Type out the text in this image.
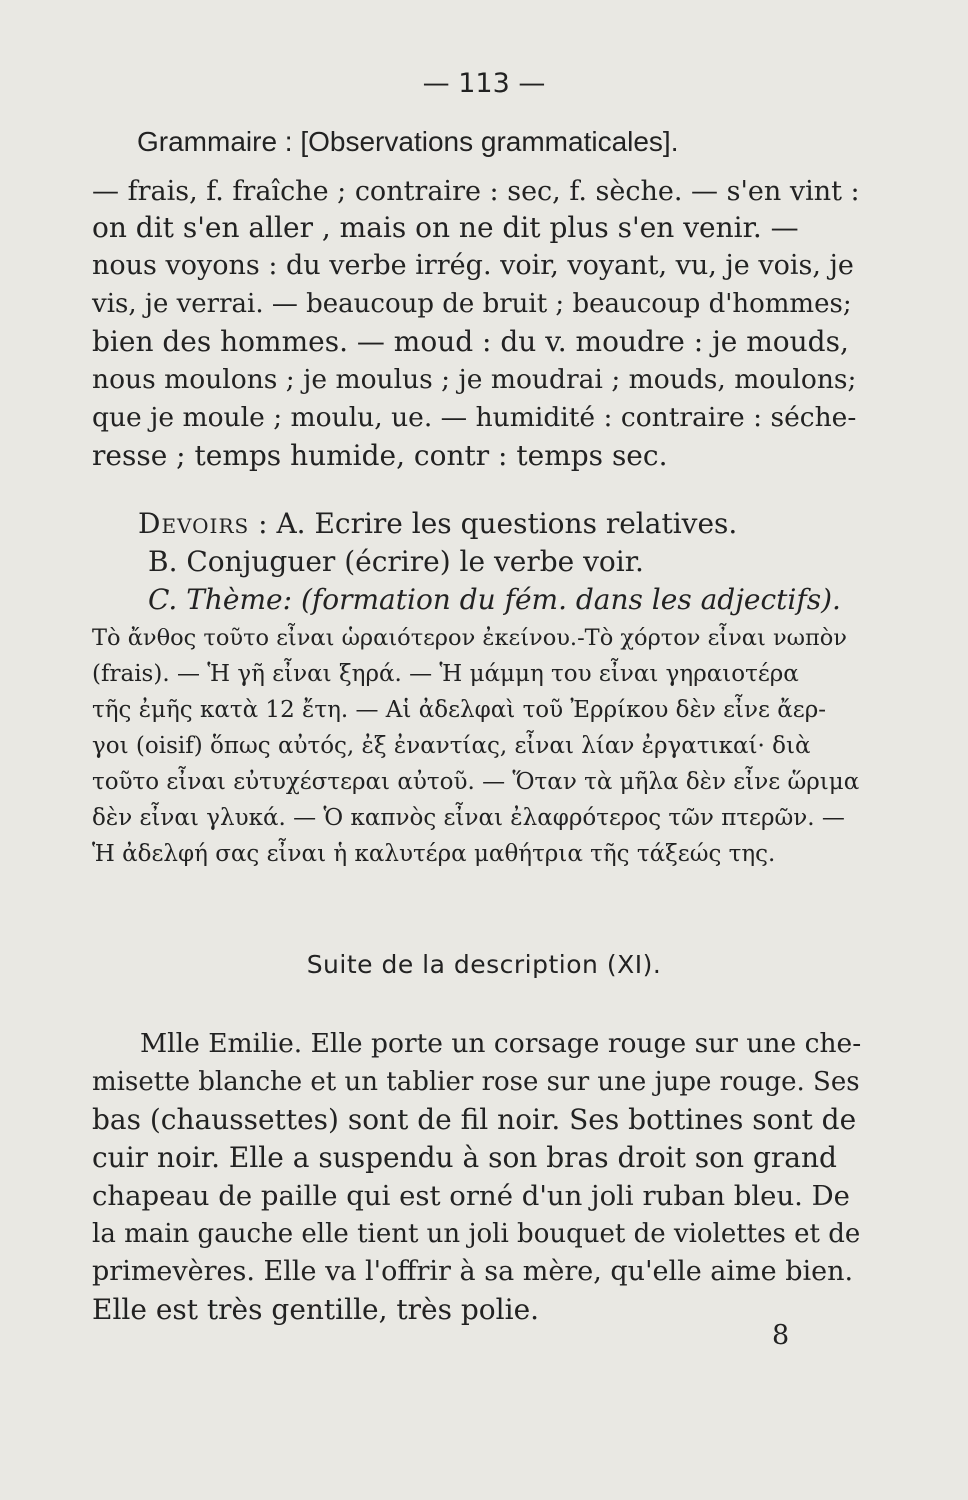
— 113 —
Grammaire : [Observations grammaticales].
— frais, f. fraîche ; contraire : sec, f. sèche. — s'en vint :
on dit s'en aller , mais on ne dit plus s'en venir. —
nous voyons : du verbe irrég. voir, voyant, vu, je vois, je
vis, je verrai. — beaucoup de bruit ; beaucoup d'hommes;
bien des hommes. — moud : du v. moudre : je mouds,
nous moulons ; je moulus ; je moudrai ; mouds, moulons;
que je moule ; moulu, ue. — humidité : contraire : séche-
resse ; temps humide, contr : temps sec.
Devoirs : A. Ecrire les questions relatives.
B. Conjuguer (écrire) le verbe voir.
C. Thème: (formation du fém. dans les adjectifs).
Τὸ ἄνθος τοῦτο εἶναι ὡραιότερον ἐκείνου.-Τὸ χόρτον εἶναι νωπὸν
(frais). — Ἡ γῆ εἶναι ξηρά. — Ἡ μάμμη του εἶναι γηραιοτέρα
τῆς ἐμῆς κατὰ 12 ἔτη. — Αἱ ἀδελφαὶ τοῦ Ἐρρίκου δὲν εἶνε ἄερ-
γοι (oisif) ὅπως αὐτός, ἐξ ἐναντίας, εἶναι λίαν ἐργατικαί· διὰ
τοῦτο εἶναι εὐτυχέστεραι αὐτοῦ. — Ὅταν τὰ μῆλα δὲν εἶνε ὥριμα
δὲν εἶναι γλυκά. — Ὁ καπνὸς εἶναι ἐλαφρότερος τῶν πτερῶν. —
Ἡ ἀδελφή σας εἶναι ἡ καλυτέρα μαθήτρια τῆς τάξεώς της.
Suite de la description (XI).
Mlle Emilie. Elle porte un corsage rouge sur une che-
misette blanche et un tablier rose sur une jupe rouge. Ses
bas (chaussettes) sont de fil noir. Ses bottines sont de
cuir noir. Elle a suspendu à son bras droit son grand
chapeau de paille qui est orné d'un joli ruban bleu. De
la main gauche elle tient un joli bouquet de violettes et de
primevères. Elle va l'offrir à sa mère, qu'elle aime bien.
Elle est très gentille, très polie.
8
